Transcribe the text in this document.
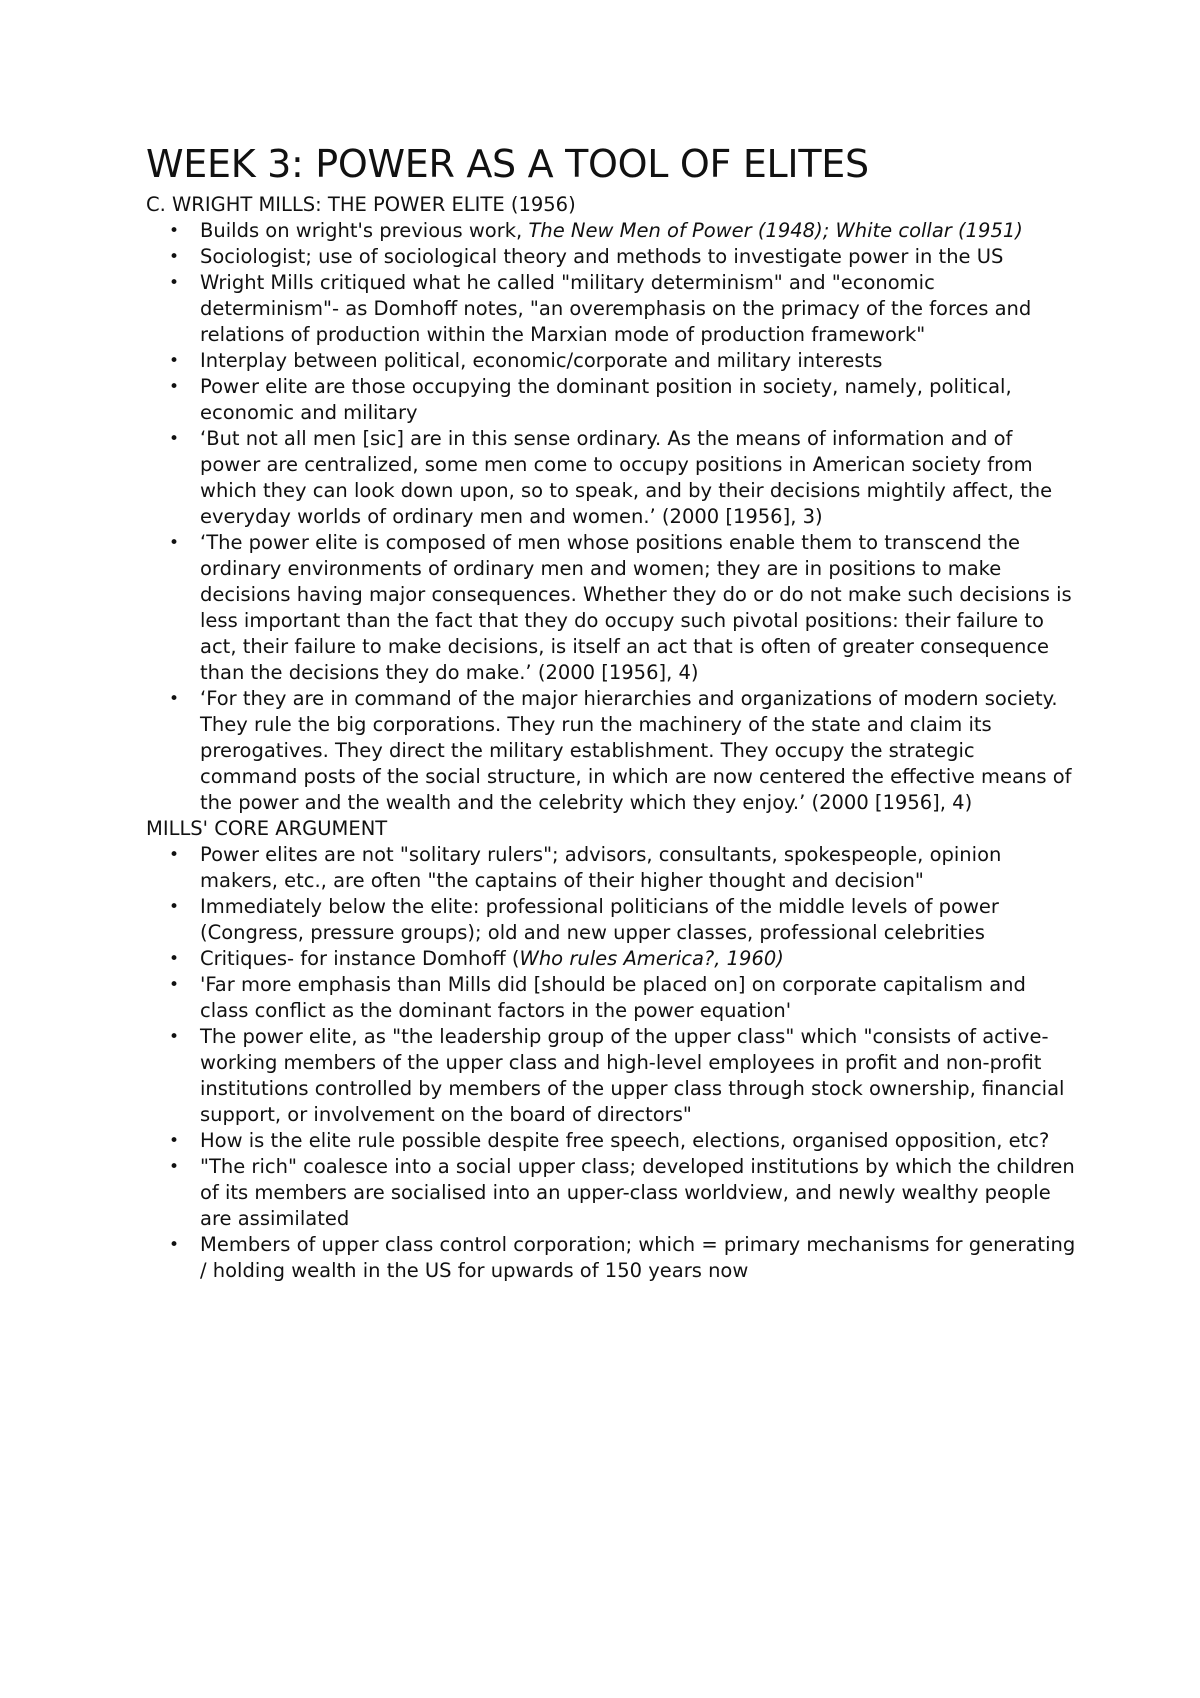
WEEK 3: POWER AS A TOOL OF ELITES

C. WRIGHT MILLS: THE POWER ELITE (1956)

• Builds on wright's previous work, The New Men of Power (1948); White collar (1951)
• Sociologist; use of sociological theory and methods to investigate power in the US
• Wright Mills critiqued what he called "military determinism" and "economic determinism"- as Domhoff notes, "an overemphasis on the primacy of the forces and relations of production within the Marxian mode of production framework"
• Interplay between political, economic/corporate and military interests
• Power elite are those occupying the dominant position in society, namely, political, economic and military
• ‘But not all men [sic] are in this sense ordinary. As the means of information and of power are centralized, some men come to occupy positions in American society from which they can look down upon, so to speak, and by their decisions mightily affect, the everyday worlds of ordinary men and women.’ (2000 [1956], 3)
• ‘The power elite is composed of men whose positions enable them to transcend the ordinary environments of ordinary men and women; they are in positions to make decisions having major consequences. Whether they do or do not make such decisions is less important than the fact that they do occupy such pivotal positions: their failure to act, their failure to make decisions, is itself an act that is often of greater consequence than the decisions they do make.’ (2000 [1956], 4)
• ‘For they are in command of the major hierarchies and organizations of modern society. They rule the big corporations. They run the machinery of the state and claim its prerogatives. They direct the military establishment. They occupy the strategic command posts of the social structure, in which are now centered the effective means of the power and the wealth and the celebrity which they enjoy.’ (2000 [1956], 4)

MILLS' CORE ARGUMENT

• Power elites are not "solitary rulers"; advisors, consultants, spokespeople, opinion makers, etc., are often "the captains of their higher thought and decision"
• Immediately below the elite: professional politicians of the middle levels of power (Congress, pressure groups); old and new upper classes, professional celebrities
• Critiques- for instance Domhoff (Who rules America?, 1960)
• 'Far more emphasis than Mills did [should be placed on] on corporate capitalism and class conflict as the dominant factors in the power equation'
• The power elite, as "the leadership group of the upper class" which "consists of active-working members of the upper class and high-level employees in profit and non-profit institutions controlled by members of the upper class through stock ownership, financial support, or involvement on the board of directors"
• How is the elite rule possible despite free speech, elections, organised opposition, etc?
• "The rich" coalesce into a social upper class; developed institutions by which the children of its members are socialised into an upper-class worldview, and newly wealthy people are assimilated
• Members of upper class control corporation; which = primary mechanisms for generating / holding wealth in the US for upwards of 150 years now
